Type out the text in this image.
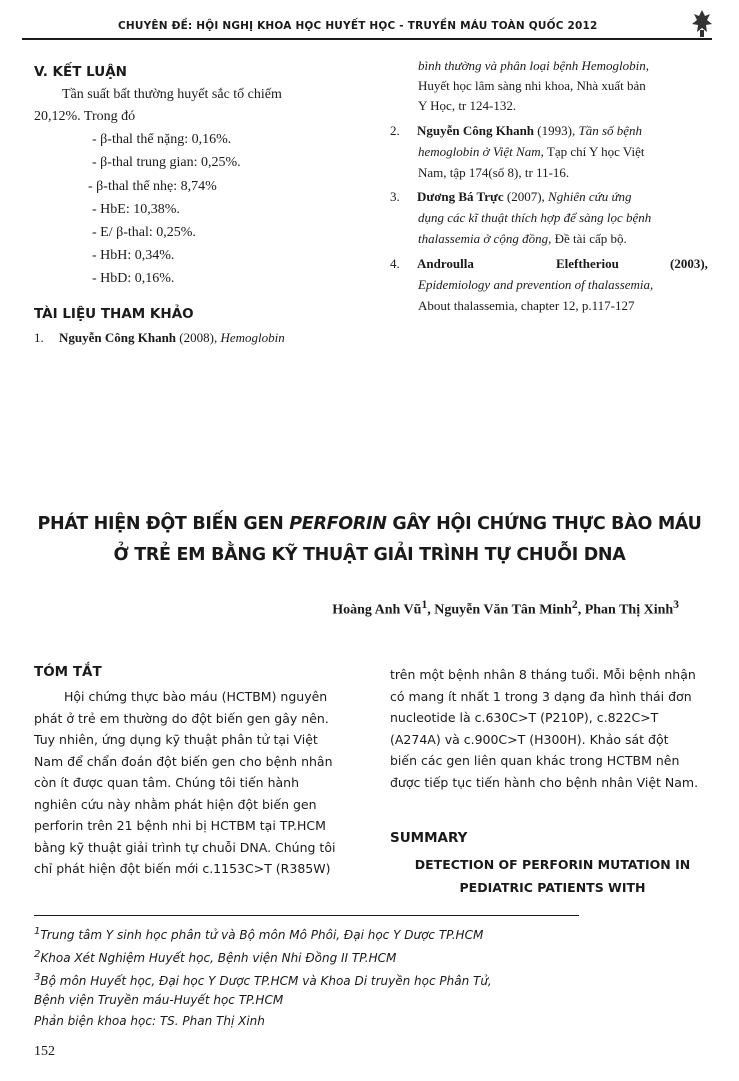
CHUYÊN ĐỀ: HỘI NGHỊ KHOA HỌC HUYẾT HỌC - TRUYỀN MÁU TOÀN QUỐC 2012
V. KẾT LUẬN
Tần suất bất thường huyết sắc tố chiếm
20,12%. Trong đó
- β-thal thể nặng: 0,16%.
- β-thal trung gian: 0,25%.
- β-thal thể nhẹ: 8,74%
- HbE: 10,38%.
- E/ β-thal: 0,25%.
- HbH: 0,34%.
- HbD: 0,16%.
TÀI LIỆU THAM KHẢO
1. Nguyễn Công Khanh (2008), Hemoglobin
bình thường và phân loại bệnh Hemoglobin,
Huyết học lâm sàng nhi khoa, Nhà xuất bản
Y Học, tr 124-132.
2. Nguyễn Công Khanh (1993), Tần số bệnh
hemoglobin ở Việt Nam, Tạp chí Y học Việt
Nam, tập 174(số 8), tr 11-16.
3. Dương Bá Trực (2007), Nghiên cứu ứng
dụng các kĩ thuật thích hợp để sàng lọc bệnh
thalassemia ở cộng đồng, Đề tài cấp bộ.
4. Androulla	Eleftheriou	(2003),
Epidemiology and prevention of thalassemia,
About thalassemia, chapter 12, p.117-127
PHÁT HIỆN ĐỘT BIẾN GEN PERFORIN GÂY HỘI CHỨNG THỰC BÀO MÁU
Ở TRẺ EM BẰNG KỸ THUẬT GIẢI TRÌNH TỰ CHUỖI DNA
Hoàng Anh $Vũ^1$, Nguyễn Văn Tân Minh$^2$, Phan Thị Xinh$^3$
TÓM TẮT
Hội chứng thực bào máu (HCTBM) nguyên
phát ở trẻ em thường do đột biến gen gây nên.
Tuy nhiên, ứng dụng kỹ thuật phân tử tại Việt
Nam để chẩn đoán đột biến gen cho bệnh nhân
còn ít được quan tâm. Chúng tôi tiến hành
nghiên cứu này nhằm phát hiện đột biến gen
perforin trên 21 bệnh nhi bị HCTBM tại TP.HCM
bằng kỹ thuật giải trình tự chuỗi DNA. Chúng tôi
chỉ phát hiện đột biến mới c.1153C>T (R385W)
trên một bệnh nhân 8 tháng tuổi. Mỗi bệnh nhận
có mang ít nhất 1 trong 3 dạng đa hình thái đơn
nucleotide là c.630C>T (P210P), c.822C>T
(A274A) và c.900C>T (H300H). Khảo sát đột
biến các gen liên quan khác trong HCTBM nên
được tiếp tục tiến hành cho bệnh nhân Việt Nam.
SUMMARY
DETECTION OF PERFORIN MUTATION IN
PEDIATRIC PATIENTS WITH
$^1$Trung tâm Y sinh học phân tử và Bộ môn Mô Phôi, Đại học Y Dược TP.HCM
$^2$Khoa Xét Nghiệm Huyết học, Bệnh viện Nhi Đồng II TP.HCM
$^3$Bộ môn Huyết học, Đại học Y Dược TP.HCM và Khoa Di truyền học Phân Tử,
Bệnh viện Truyền máu-Huyết học TP.HCM
Phản biện khoa học: TS. Phan Thị Xinh
152
